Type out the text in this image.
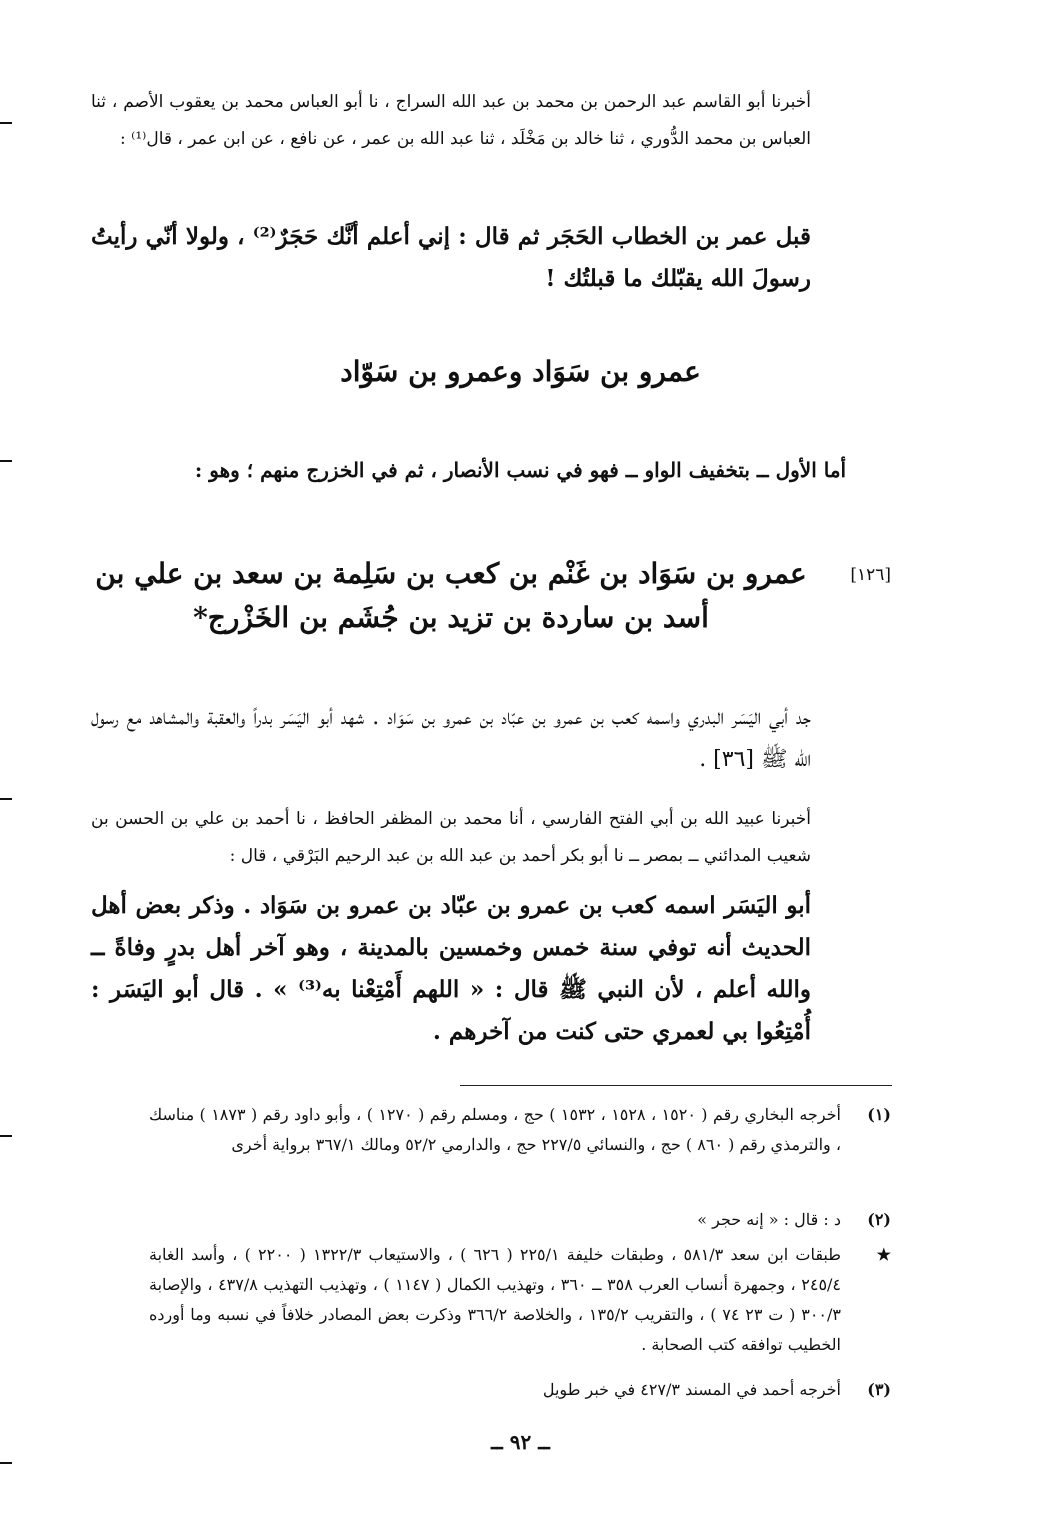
أخبرنا أبو القاسم عبد الرحمن بن محمد بن عبد الله السراج ، نا أبو العباس محمد بن يعقوب الأصم ، ثنا العباس بن محمد الدُّوري ، ثنا خالد بن مَخْلَد ، ثنا عبد الله بن عمر ، عن نافع ، عن ابن عمر ، قال⁽¹⁾ :
قبل عمر بن الخطاب الحَجَر ثم قال : إني أعلم أنَّك حَجَرٌ⁽²⁾ ، ولولا أنّي رأيتُ رسولَ الله يقبّلك ما قبلتُك !
عمرو بن سَوَاد وعمرو بن سَوّاد
أما الأول ــ بتخفيف الواو ــ فهو في نسب الأنصار ، ثم في الخزرج منهم ؛ وهو :
[١٢٦]
عمرو بن سَوَاد بن غَنْم بن كعب بن سَلِمة بن سعد بن علي بن أسد بن ساردة بن تزيد بن جُشَم بن الخَزْرج*
جد أبي اليَسَر البدري واسمه كعب بن عمرو بن عبّاد بن عمرو بن سَوَاد . شهد أبو اليَسَر بدراً والعقبة والمشاهد مع رسول الله ﷺ [٣٦] .
أخبرنا عبيد الله بن أبي الفتح الفارسي ، أنا محمد بن المظفر الحافظ ، نا أحمد بن علي بن الحسن بن شعيب المدائني ــ بمصر ــ نا أبو بكر أحمد بن عبد الله بن عبد الرحيم البَرْقي ، قال :
أبو اليَسَر اسمه كعب بن عمرو بن عبّاد بن عمرو بن سَوَاد . وذكر بعض أهل الحديث أنه توفي سنة خمس وخمسين بالمدينة ، وهو آخر أهل بدرٍ وفاةً ــ والله أعلم ، لأن النبي ﷺ قال : « اللهم أَمْتِعْنا به⁽³⁾ » . قال أبو اليَسَر : أُمْتِعُوا بي لعمري حتى كنت من آخرهم .
(١)
أخرجه البخاري رقم ( ١٥٢٠ ، ١٥٢٨ ، ١٥٣٢ ) حج ، ومسلم رقم ( ١٢٧٠ ) ، وأبو داود رقم ( ١٨٧٣ ) مناسك ، والترمذي رقم ( ٨٦٠ ) حج ، والنسائي ٢٢٧/٥ حج ، والدارمي ٥٢/٢ ومالك ٣٦٧/١ برواية أخرى
(٢)
د : قال : « إنه حجر »
★
طبقات ابن سعد ٥٨١/٣ ، وطبقات خليفة ٢٢٥/١ ( ٦٢٦ ) ، والاستيعاب ١٣٢٢/٣ ( ٢٢٠٠ ) ، وأسد الغابة ٢٤٥/٤ ، وجمهرة أنساب العرب ٣٥٨ ــ ٣٦٠ ، وتهذيب الكمال ( ١١٤٧ ) ، وتهذيب التهذيب ٤٣٧/٨ ، والإصابة ٣٠٠/٣ ( ت ٢٣ ٧٤ ) ، والتقريب ١٣٥/٢ ، والخلاصة ٣٦٦/٢ وذكرت بعض المصادر خلافاً في نسبه وما أورده الخطيب توافقه كتب الصحابة .
(٣)
أخرجه أحمد في المسند ٤٢٧/٣ في خبر طويل
ــ ٩٢ ــ
